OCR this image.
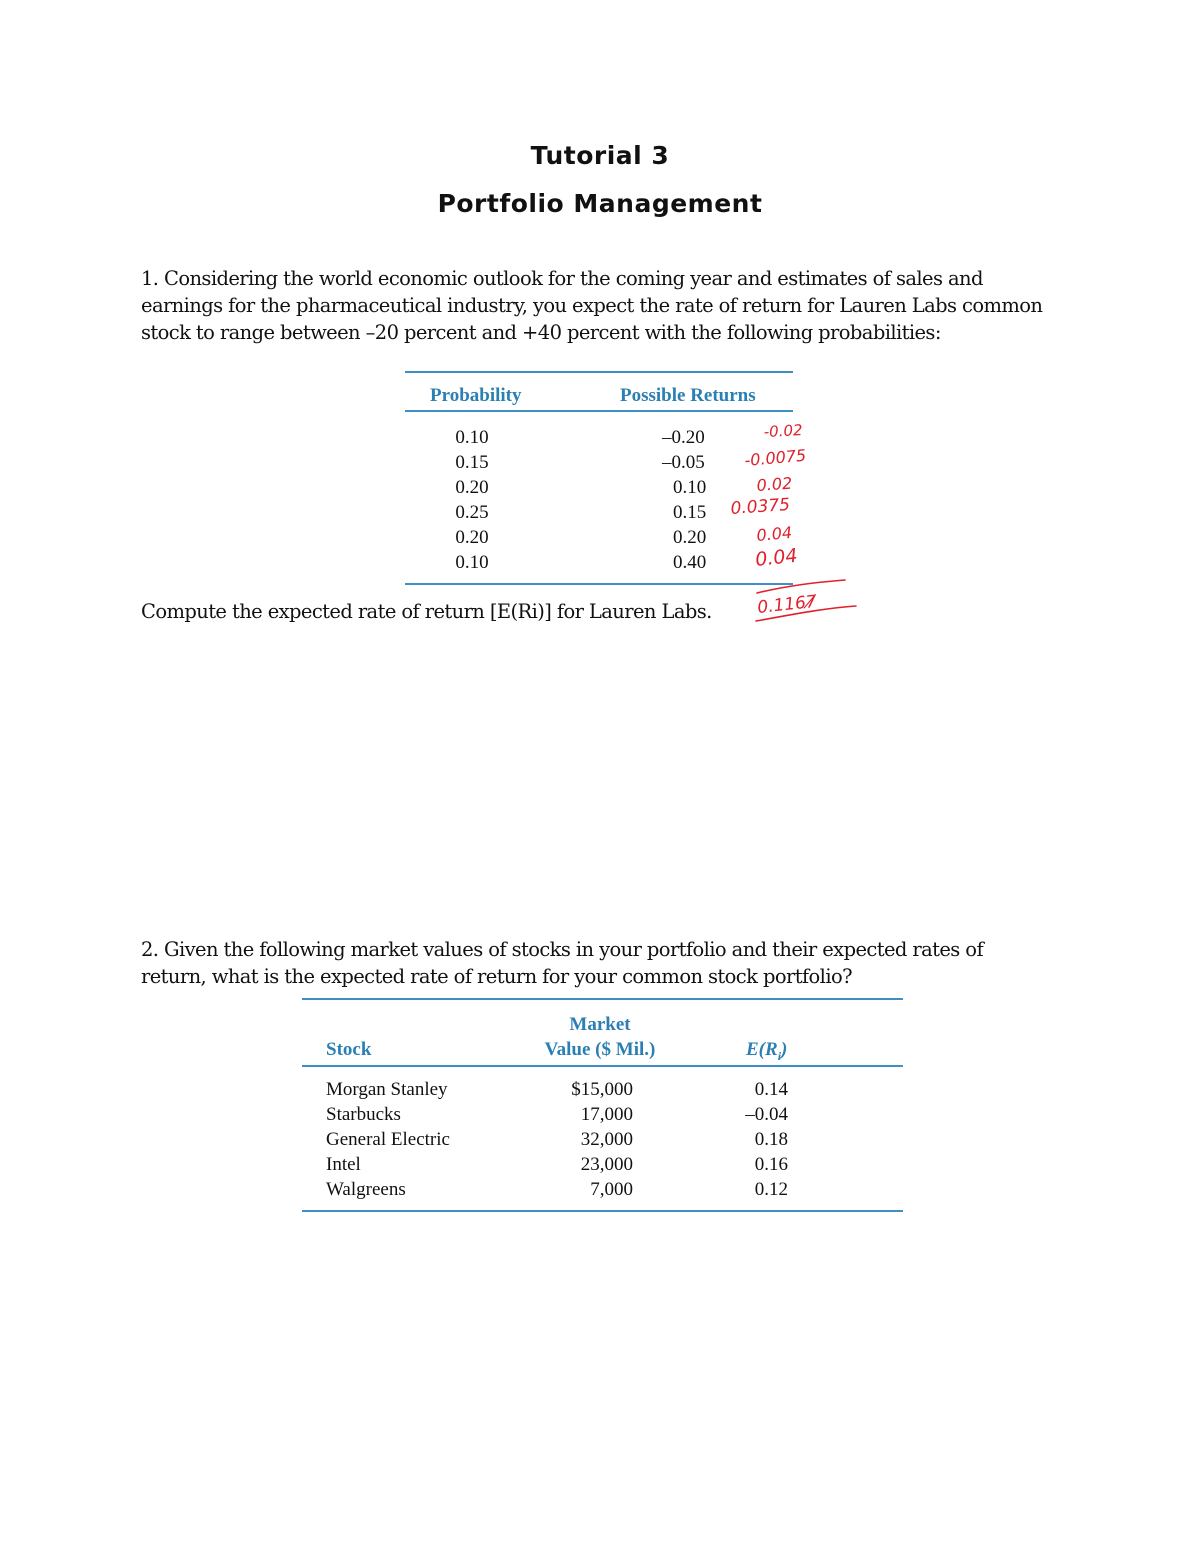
Tutorial 3
Portfolio Management
1. Considering the world economic outlook for the coming year and estimates of sales and
earnings for the pharmaceutical industry, you expect the rate of return for Lauren Labs common
stock to range between –20 percent and +40 percent with the following probabilities:
Probability	Possible Returns
0.10
0.15
0.20
0.25
0.20
0.10
–0.20
–0.05
0.10
0.15
0.20
0.40
Compute the expected rate of return [E(Ri)] for Lauren Labs.
-0.02
-0.0075
0.02
0.0375
0.04
0.04
0.1167̸
2. Given the following market values of stocks in your portfolio and their expected rates of
return, what is the expected rate of return for your common stock portfolio?
Stock
Market
Value ($ Mil.)	$E(R_i)$
Morgan Stanley
Starbucks
General Electric
Intel
Walgreens
$15,000
17,000
32,000
23,000
7,000
0.14
–0.04
0.18
0.16
0.12
